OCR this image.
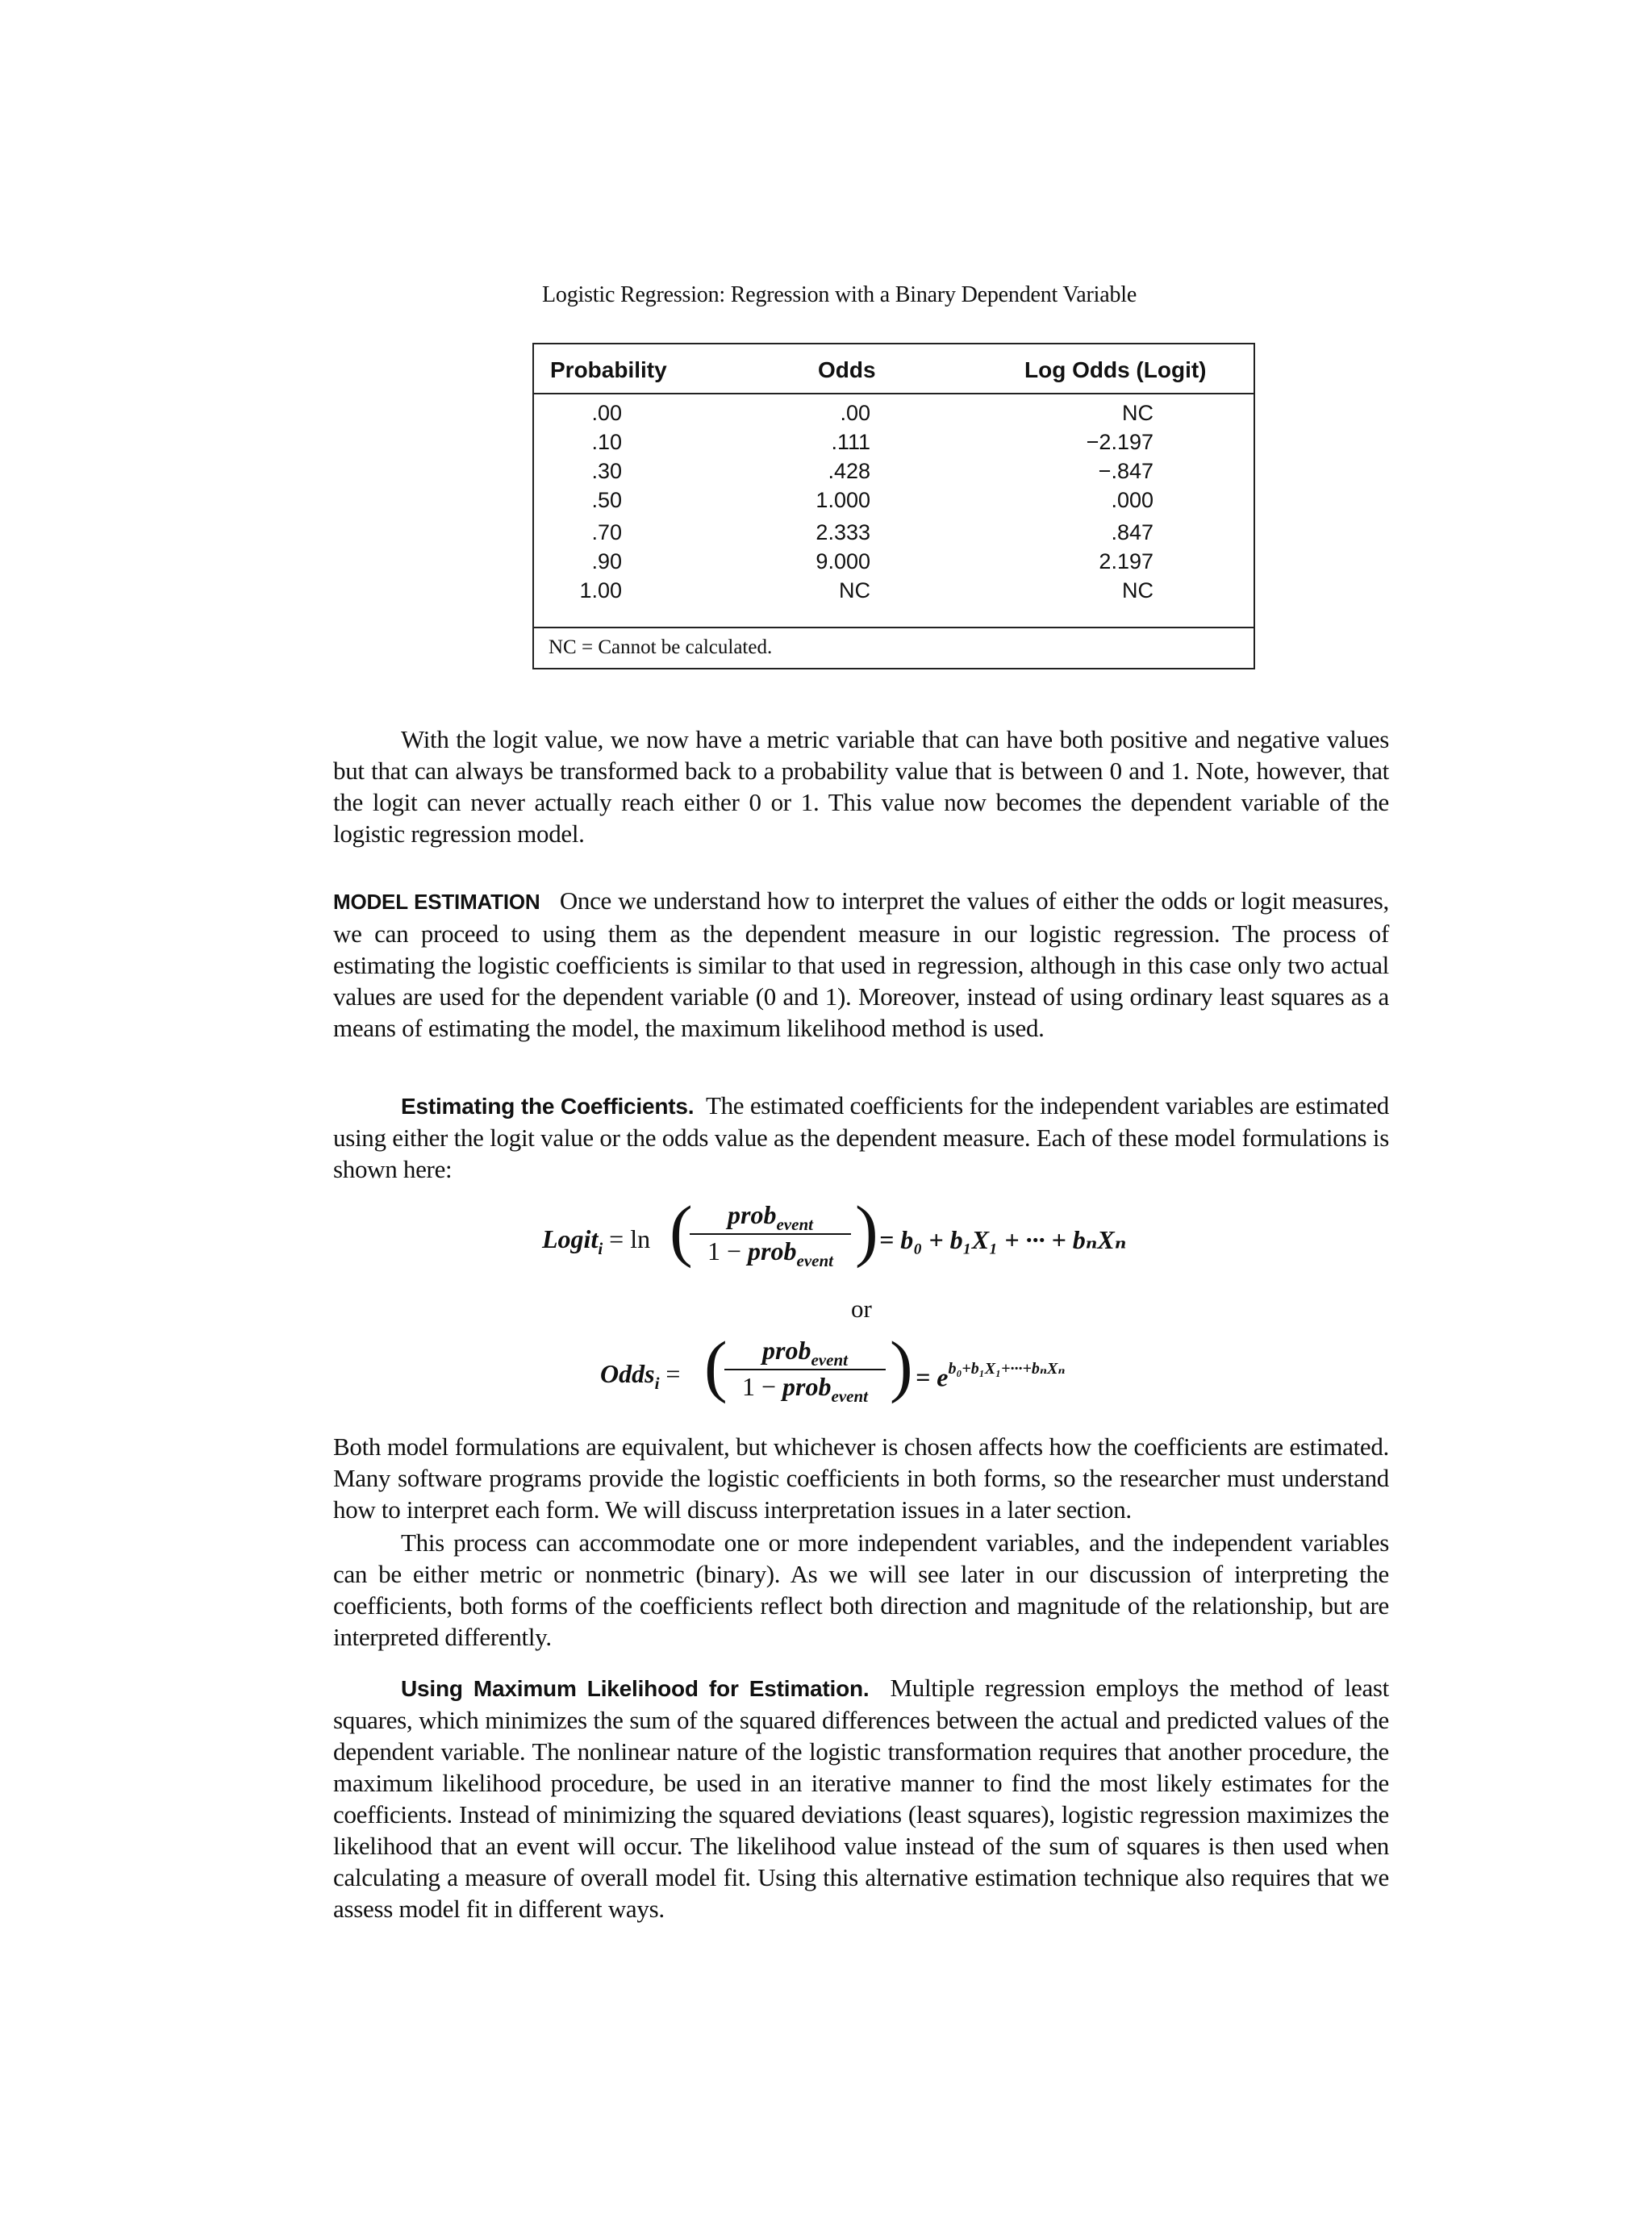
Logistic Regression: Regression with a Binary Dependent Variable
Probability	Odds	Log Odds (Logit)
.00	.00	NC
.10	.111	−2.197
.30	.428	−.847
.50	1.000	.000
.70	2.333	.847
.90	9.000	2.197
1.00	NC	NC
NC = Cannot be calculated.

With the logit value, we now have a metric variable that can have both positive and negative values but that can always be transformed back to a probability value that is between 0 and 1. Note, however, that the logit can never actually reach either 0 or 1. This value now becomes the dependent variable of the logistic regression model.

MODEL ESTIMATION Once we understand how to interpret the values of either the odds or logit measures, we can proceed to using them as the dependent measure in our logistic regression. The process of estimating the logistic coefficients is similar to that used in regression, although in this case only two actual values are used for the dependent variable (0 and 1). Moreover, instead of using ordinary least squares as a means of estimating the model, the maximum likelihood method is used.

Estimating the Coefficients. The estimated coefficients for the independent variables are estimated using either the logit value or the odds value as the dependent measure. Each of these model formulations is shown here:

Logit$_i$ = ln (	prob$_{event}$
1 − prob$_{event}$ ) = b₀ + b₁X₁ + ··· + bₙXₙ
or
Odds$_i$ = (	prob$_{event}$
1 − prob$_{event}$ ) = $e^{b_0+b_1X_1+\cdot\cdot\cdot+b_nX_n}$

Both model formulations are equivalent, but whichever is chosen affects how the coefficients are estimated. Many software programs provide the logistic coefficients in both forms, so the researcher must understand how to interpret each form. We will discuss interpretation issues in a later section.

This process can accommodate one or more independent variables, and the independent variables can be either metric or nonmetric (binary). As we will see later in our discussion of interpreting the coefficients, both forms of the coefficients reflect both direction and magnitude of the relationship, but are interpreted differently.

Using Maximum Likelihood for Estimation. Multiple regression employs the method of least squares, which minimizes the sum of the squared differences between the actual and predicted values of the dependent variable. The nonlinear nature of the logistic transformation requires that another procedure, the maximum likelihood procedure, be used in an iterative manner to find the most likely estimates for the coefficients. Instead of minimizing the squared deviations (least squares), logistic regression maximizes the likelihood that an event will occur. The likelihood value instead of the sum of squares is then used when calculating a measure of overall model fit. Using this alternative estimation technique also requires that we assess model fit in different ways.
